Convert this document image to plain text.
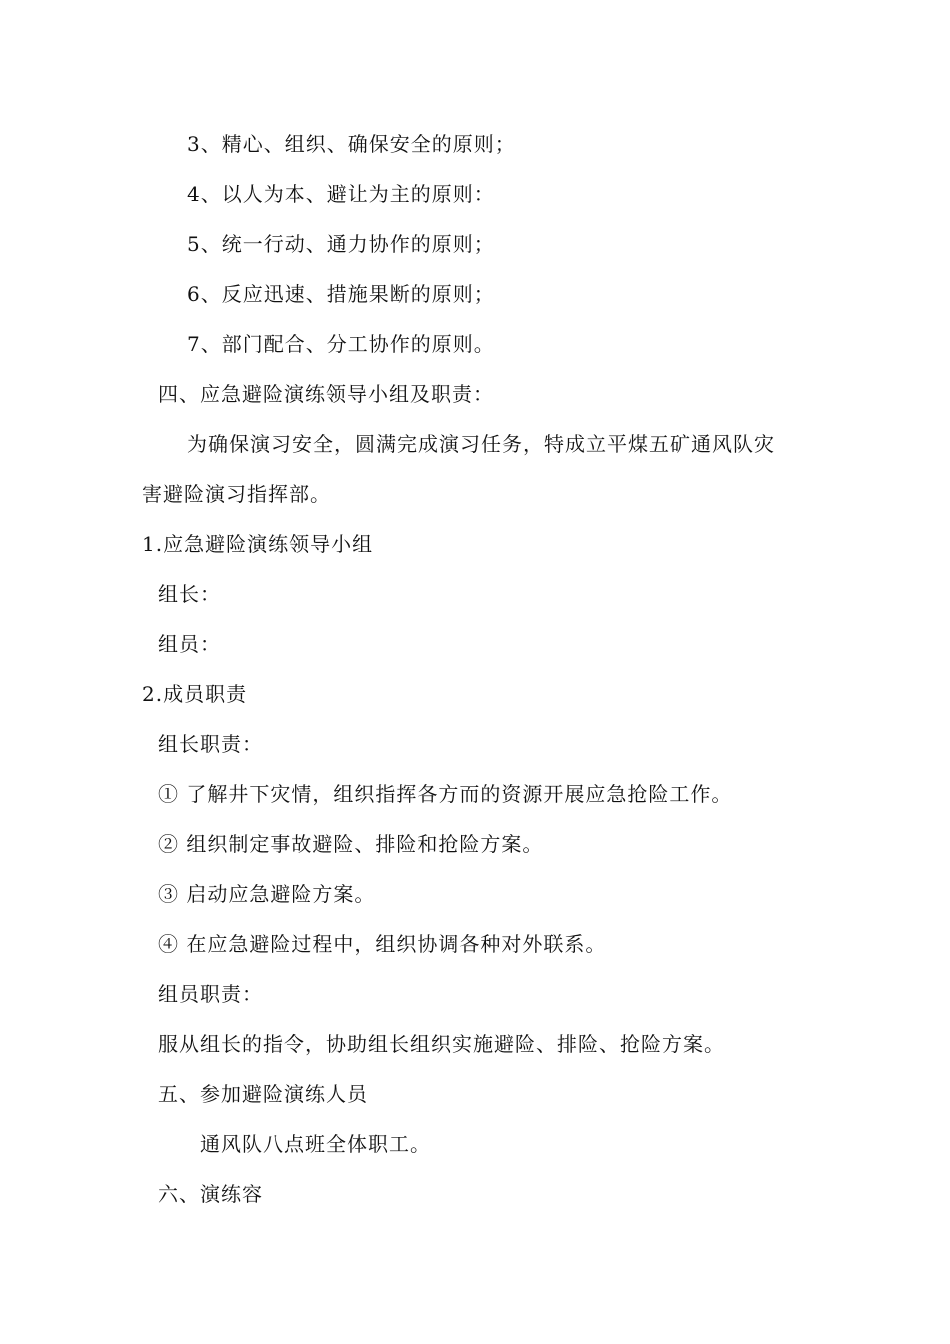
3、精心、组织、确保安全的原则；
4、以人为本、避让为主的原则：
5、统一行动、通力协作的原则；
6、反应迅速、措施果断的原则；
7、部门配合、分工协作的原则。
四、应急避险演练领导小组及职责：
为确保演习安全，圆满完成演习任务，特成立平煤五矿通风队灾
害避险演习指挥部。
1.应急避险演练领导小组
组长：
组员：
2.成员职责
组长职责：
① 了解井下灾情，组织指挥各方而的资源开展应急抢险工作。
② 组织制定事故避险、排险和抢险方案。
③ 启动应急避险方案。
④ 在应急避险过程中，组织协调各种对外联系。
组员职责：
服从组长的指令，协助组长组织实施避险、排险、抢险方案。
五、参加避险演练人员
通风队八点班全体职工。
六、演练容
